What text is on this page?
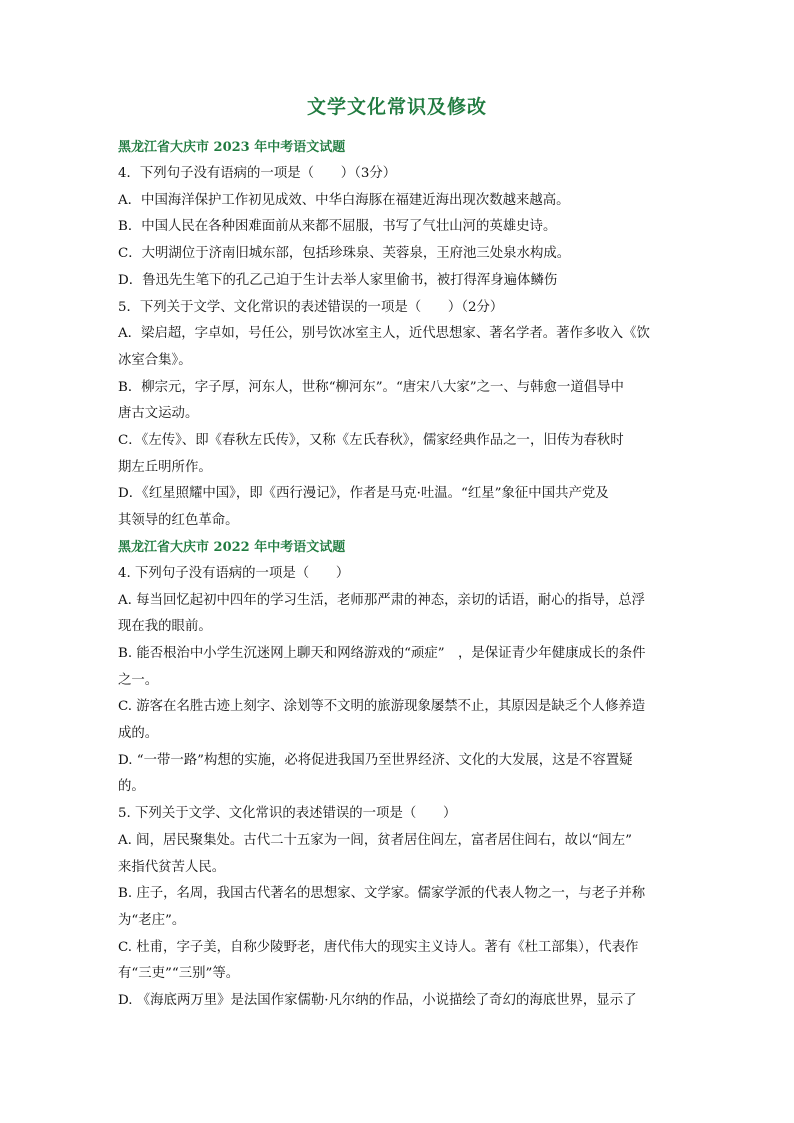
文学文化常识及修改

黑龙江省大庆市 2023 年中考语文试题

4．下列句子没有语病的一项是（　　）（3分）

A．中国海洋保护工作初见成效、中华白海豚在福建近海出现次数越来越高。

B．中国人民在各种困难面前从来都不屈服，书写了气壮山河的英雄史诗。

C．大明湖位于济南旧城东部，包括珍珠泉、芙蓉泉，王府池三处泉水构成。

D．鲁迅先生笔下的孔乙己迫于生计去举人家里偷书，被打得浑身遍体鳞伤

5．下列关于文学、文化常识的表述错误的一项是（　　）（2分）

A．梁启超，字卓如，号任公，别号饮冰室主人，近代思想家、著名学者。著作多收入《饮

冰室合集》。

B．柳宗元，字子厚，河东人，世称“柳河东”。“唐宋八大家”之一、与韩愈一道倡导中

唐古文运动。

C．《左传》、即《春秋左氏传》，又称《左氏春秋》，儒家经典作品之一，旧传为春秋时

期左丘明所作。

D．《红星照耀中国》，即《西行漫记》，作者是马克·吐温。“红星”象征中国共产党及

其领导的红色革命。

黑龙江省大庆市 2022 年中考语文试题

4. 下列句子没有语病的一项是（　　）

A. 每当回忆起初中四年的学习生活，老师那严肃的神态，亲切的话语，耐心的指导，总浮

现在我的眼前。

B. 能否根治中小学生沉迷网上聊天和网络游戏的“顽症”　，是保证青少年健康成长的条件

之一。

C. 游客在名胜古迹上刻字、涂划等不文明的旅游现象屡禁不止，其原因是缺乏个人修养造

成的。

D. “一带一路”构想的实施，必将促进我国乃至世界经济、文化的大发展，这是不容置疑

的。

5. 下列关于文学、文化常识的表述错误的一项是（　　）

A. 闾，居民聚集处。古代二十五家为一闾，贫者居住闾左，富者居住闾右，故以“闾左”

来指代贫苦人民。

B. 庄子，名周，我国古代著名的思想家、文学家。儒家学派的代表人物之一，与老子并称

为“老庄”。

C. 杜甫，字子美，自称少陵野老，唐代伟大的现实主义诗人。著有《杜工部集），代表作

有“三吏”“三别”等。

D. 《海底两万里》是法国作家儒勒·凡尔纳的作品，小说描绘了奇幻的海底世界，显示了
